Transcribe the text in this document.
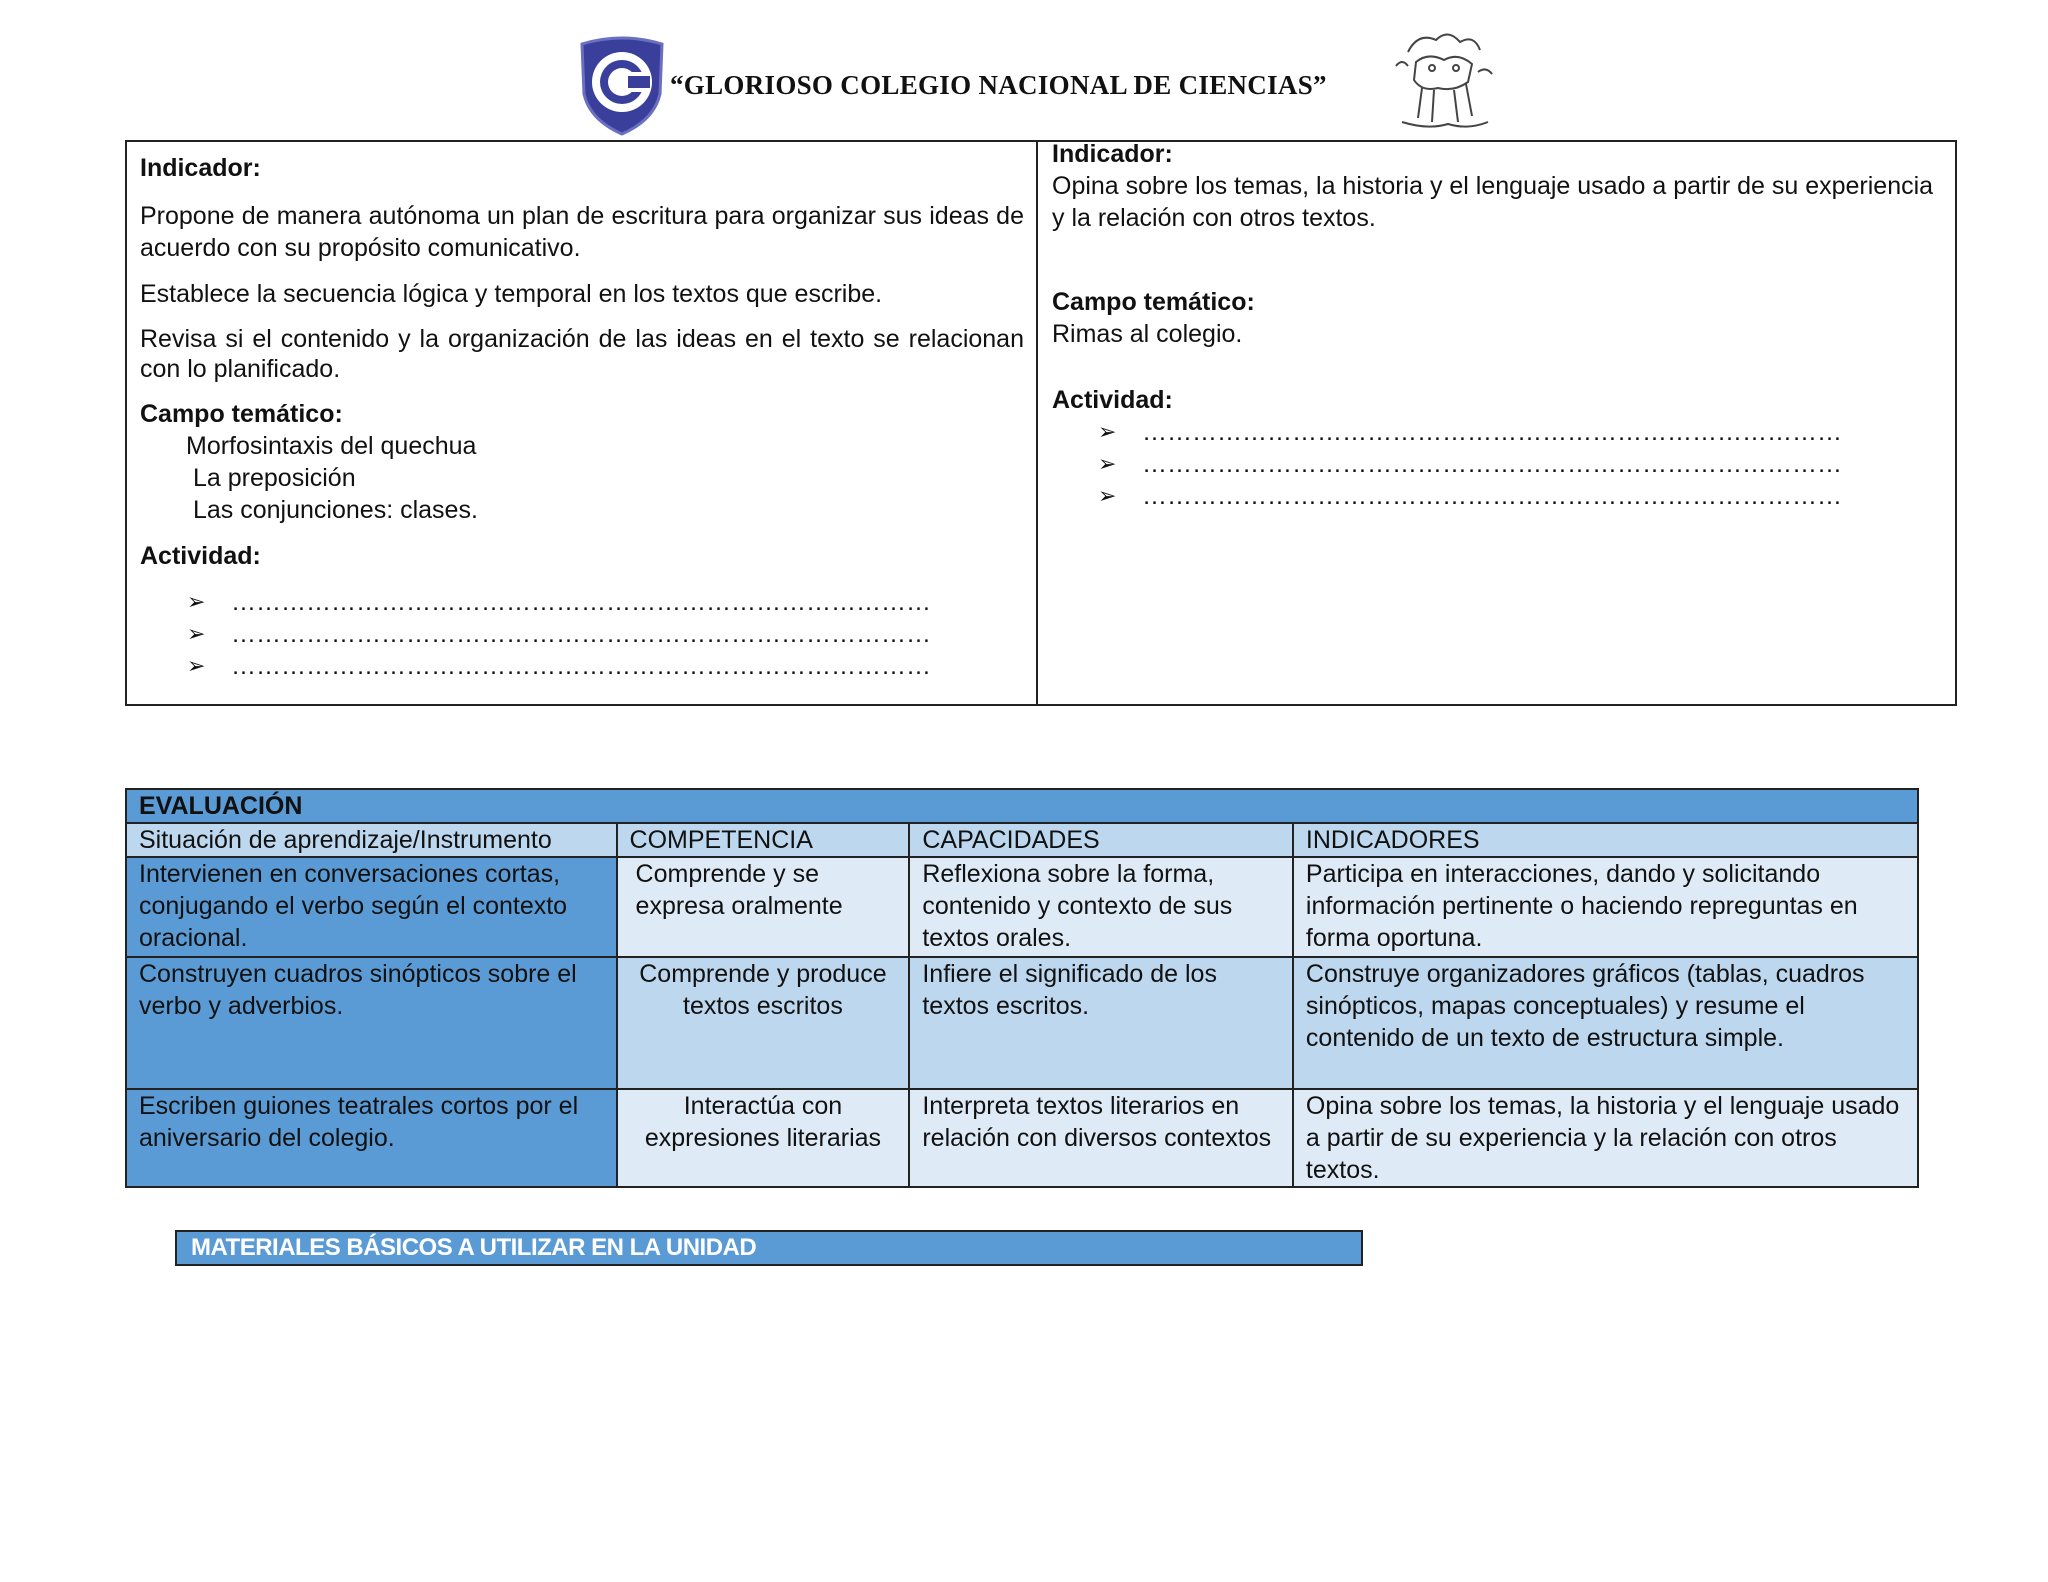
“GLORIOSO COLEGIO NACIONAL DE CIENCIAS”
Indicador:
Propone de manera autónoma un plan de escritura para organizar sus ideas de acuerdo con su propósito comunicativo.
Establece la secuencia lógica y temporal en los textos que escribe.
Revisa si el contenido y la organización de las ideas en el texto se relacionan con lo planificado.
Campo temático:
Morfosintaxis del quechua
La preposición
Las conjunciones: clases.
Actividad:
➢	…………………………………………………………………………
➢	…………………………………………………………………………
➢	…………………………………………………………………………
Indicador:
Opina sobre los temas, la historia y el lenguaje usado a partir de su experiencia y la relación con otros textos.
Campo temático:
Rimas al colegio.
Actividad:
➢	…………………………………………………………………………
➢	…………………………………………………………………………
➢	…………………………………………………………………………
EVALUACIÓN			
Situación de aprendizaje/Instrumento	COMPETENCIA	CAPACIDADES	INDICADORES
Intervienen en conversaciones cortas, conjugando el verbo según el contexto oracional.	Comprende y se expresa oralmente	Reflexiona sobre la forma, contenido y contexto de sus textos orales.	Participa en interacciones, dando y solicitando información pertinente o haciendo repreguntas en forma oportuna.
Construyen cuadros sinópticos sobre el verbo y adverbios.	Comprende y produce textos escritos	Infiere el significado de los textos escritos.	Construye organizadores gráficos (tablas, cuadros sinópticos, mapas conceptuales) y resume el contenido de un texto de estructura simple.
Escriben guiones teatrales cortos por el aniversario del colegio.	Interactúa con expresiones literarias	Interpreta textos literarios en relación con diversos contextos	Opina sobre los temas, la historia y el lenguaje usado a partir de su experiencia y la relación con otros textos.
MATERIALES BÁSICOS A UTILIZAR EN LA UNIDAD
